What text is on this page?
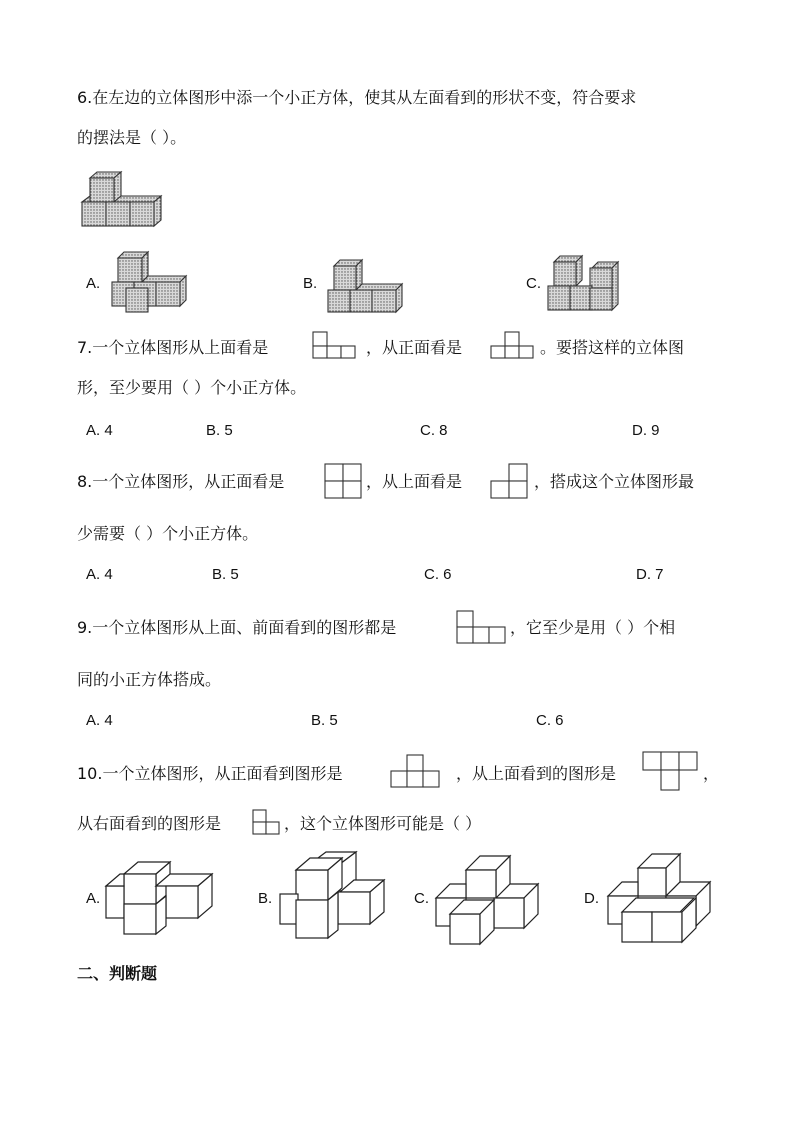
6.在左边的立体图形中添一个小正方体，使其从左面看到的形状不变，符合要求
的摆法是（ ）。
A.	B.	C.
7.一个立体图形从上面看是	，从正面看是	。要搭这样的立体图
形，至少要用（ ）个小正方体。
A. 4	B. 5	C. 8	D. 9
8.一个立体图形，从正面看是	，从上面看是	，搭成这个立体图形最
少需要（ ）个小正方体。
A. 4	B. 5	C. 6	D. 7
9.一个立体图形从上面、前面看到的图形都是	，它至少是用（ ）个相
同的小正方体搭成。
A. 4	B. 5	C. 6
10.一个立体图形，从正面看到图形是	，从上面看到的图形是	，
从右面看到的图形是	，这个立体图形可能是（ ）
A.	B.	C.	D.
二、判断题
